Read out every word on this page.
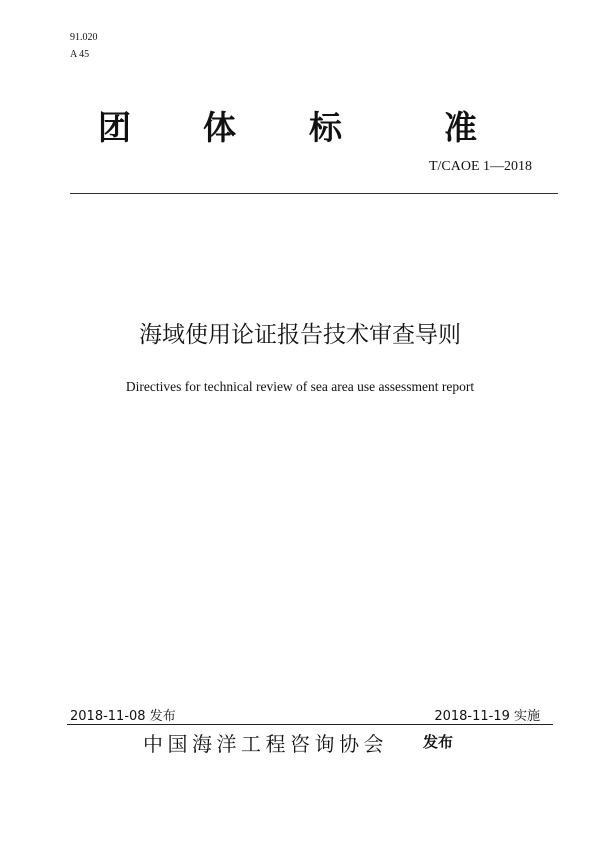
91.020
A 45
团 体 标	准
T/CAOE 1—2018
海域使用论证报告技术审查导则
Directives for technical review of sea area use assessment report
2018-11-08 发布	2018-11-19 实施
中国海洋工程咨询协会 发布
